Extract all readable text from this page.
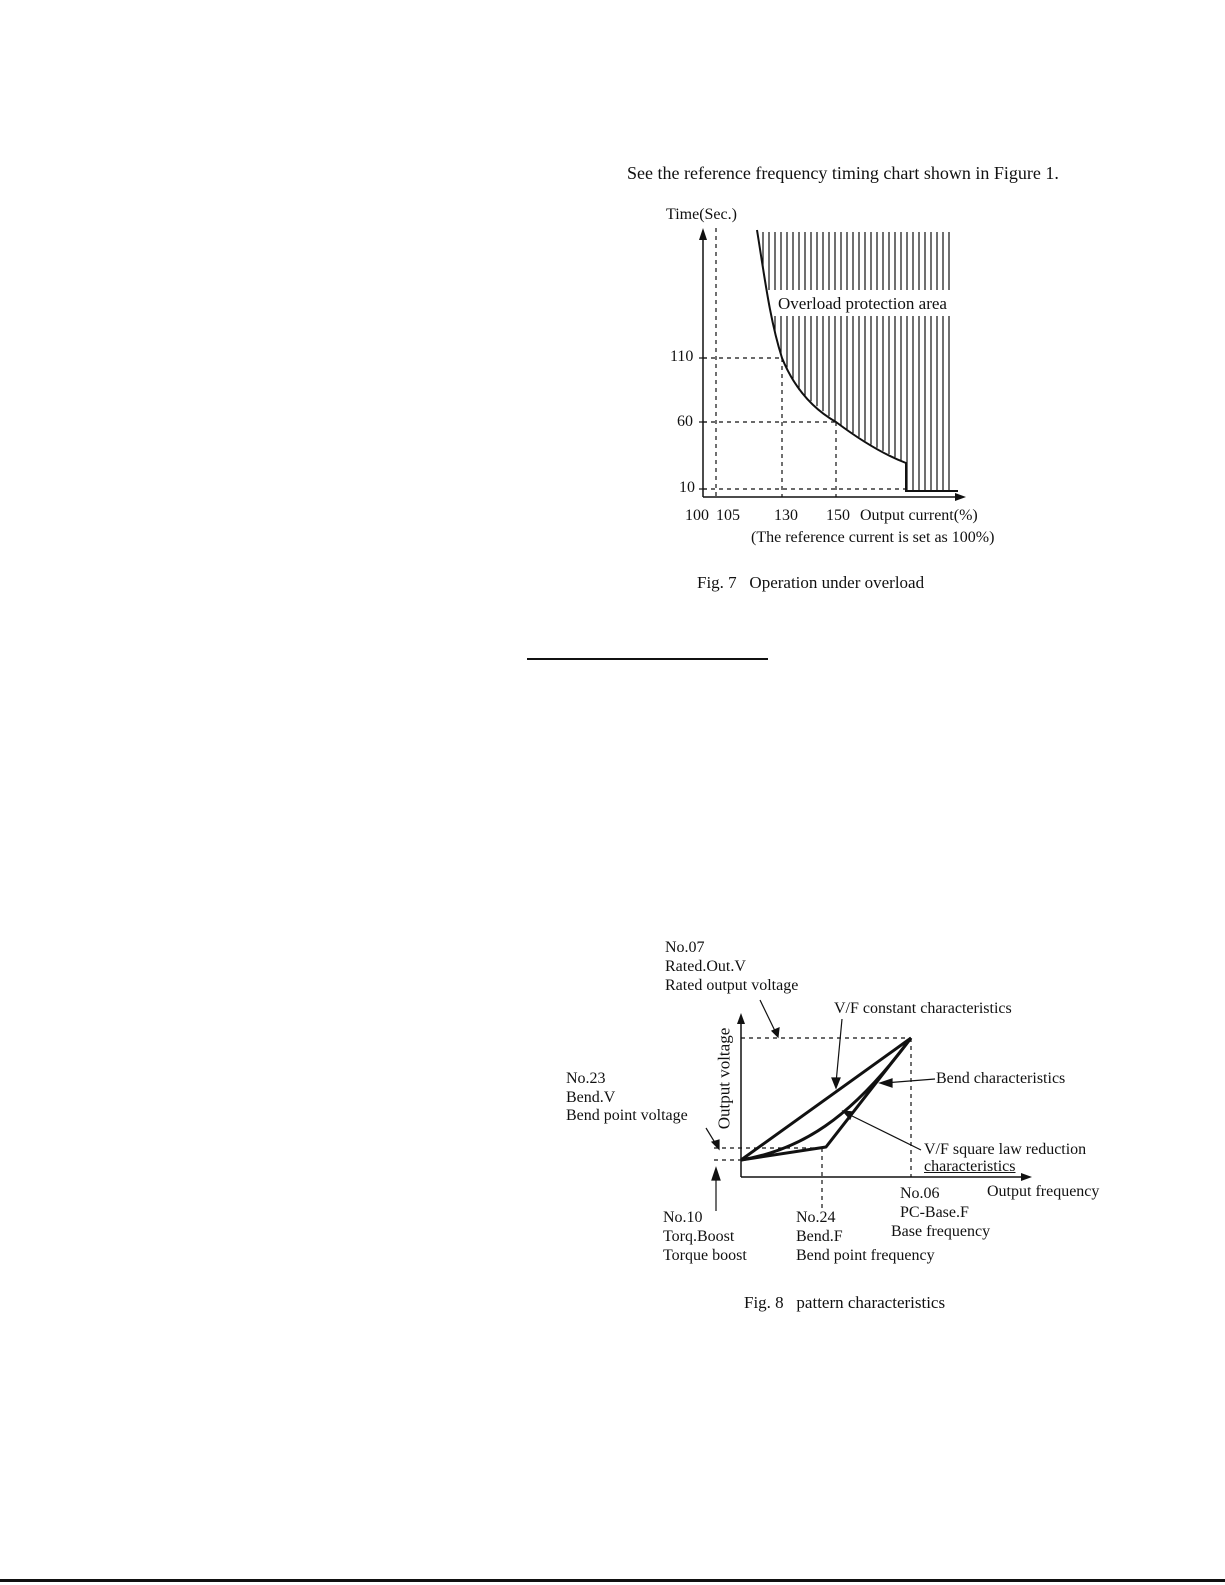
See the reference frequency timing chart shown in Figure 1.
Time(Sec.)
Overload protection area
110
60
10
100 105 130 150 Output current(%)
(The reference current is set as 100%)
Fig. 7   Operation under overload
Output voltage
No.07
Rated.Out.V
Rated output voltage
No.23
Bend.V
Bend point voltage
V/F constant characteristics
Bend characteristics
V/F square law reduction
characteristics
No.06	Output frequency
PC-Base.F
Base frequency
No.10
Torq.Boost
Torque boost
No.24
Bend.F
Bend point frequency
Fig. 8   pattern characteristics
